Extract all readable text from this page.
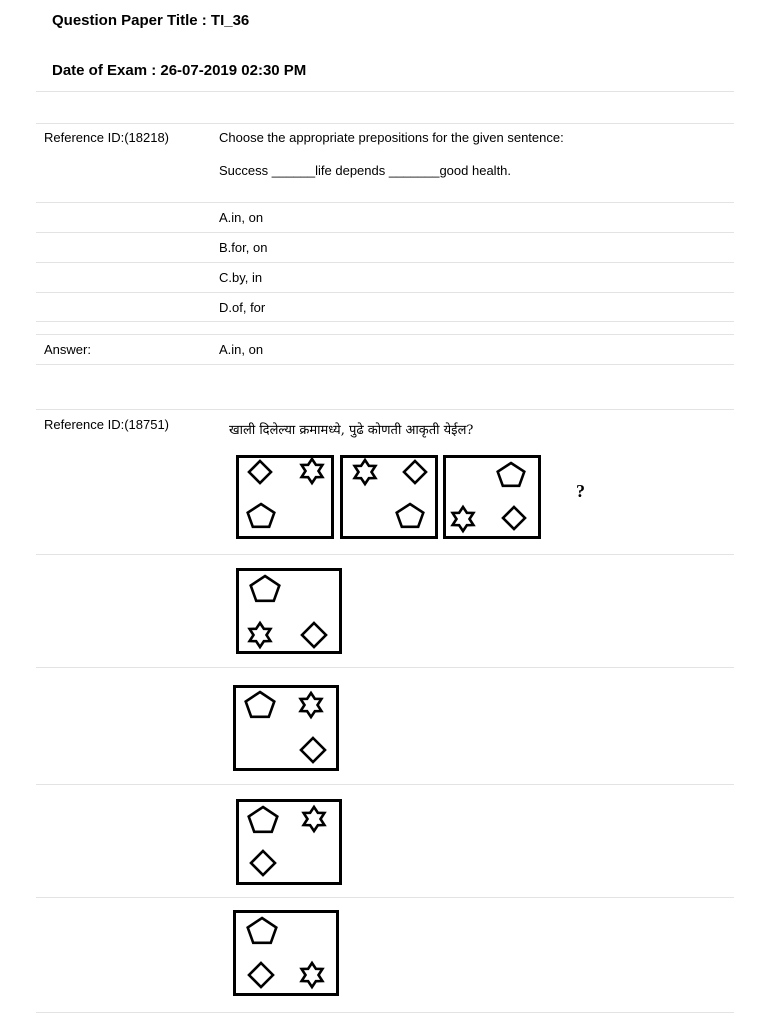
Question Paper Title : TI_36
Date of Exam : 26-07-2019 02:30 PM
Reference ID:(18218)	Choose the appropriate prepositions for the given sentence:
Success ______life depends _______good health.
A.in, on
B.for, on
C.by, in
D.of, for
Answer:	A.in, on
Reference ID:(18751)	खाली दिलेल्या क्रमामध्ये, पुढे कोणती आकृती येईल?
?
